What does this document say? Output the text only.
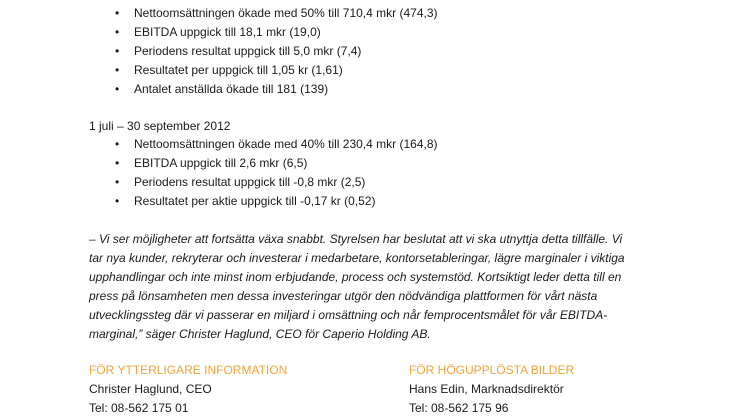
• Nettoomsättningen ökade med 50% till 710,4 mkr (474,3)
• EBITDA uppgick till 18,1 mkr (19,0)
• Periodens resultat uppgick till 5,0 mkr (7,4)
• Resultatet per uppgick till 1,05 kr (1,61)
• Antalet anställda ökade till 181 (139)
1 juli – 30 september 2012
• Nettoomsättningen ökade med 40% till 230,4 mkr (164,8)
• EBITDA uppgick till 2,6 mkr (6,5)
• Periodens resultat uppgick till -0,8 mkr (2,5)
• Resultatet per aktie uppgick till -0,17 kr (0,52)
– Vi ser möjligheter att fortsätta växa snabbt. Styrelsen har beslutat att vi ska utnyttja detta tillfälle. Vi
tar nya kunder, rekryterar och investerar i medarbetare, kontorsetableringar, lägre marginaler i viktiga
upphandlingar och inte minst inom erbjudande, process och systemstöd. Kortsiktigt leder detta till en
press på lönsamheten men dessa investeringar utgör den nödvändiga plattformen för vårt nästa
utvecklingssteg där vi passerar en miljard i omsättning och når femprocentsmålet för vår EBITDA-
marginal,” säger Christer Haglund, CEO för Caperio Holding AB.
FÖR YTTERLIGARE INFORMATION
Christer Haglund, CEO
Tel: 08-562 175 01
FÖR HÖGUPPLÖSTA BILDER
Hans Edin, Marknadsdirektör
Tel: 08-562 175 96
